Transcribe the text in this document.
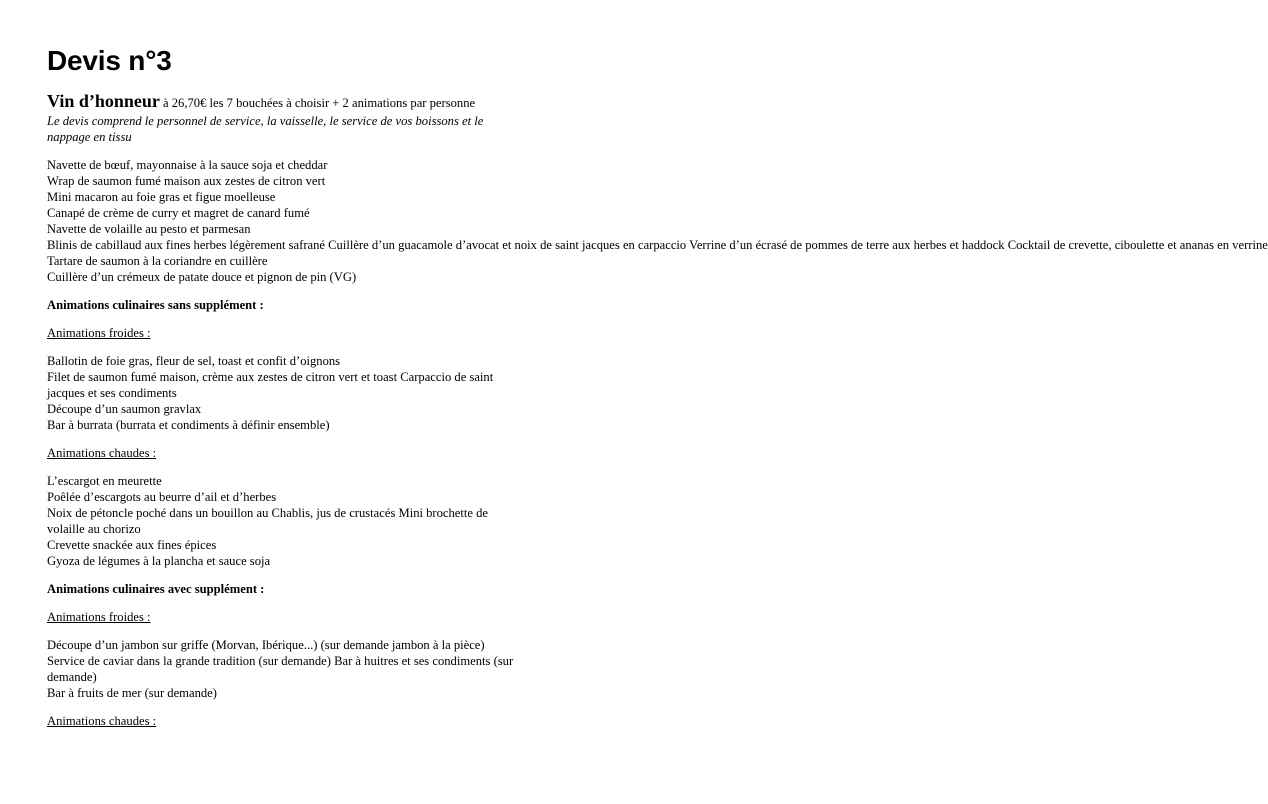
Devis n°3

Vin d’honneur à 26,70€ les 7 bouchées à choisir + 2 animations par personne

Le devis comprend le personnel de service, la vaisselle, le service de vos boissons et le nappage en tissu

Navette de bœuf, mayonnaise à la sauce soja et cheddar
Wrap de saumon fumé maison aux zestes de citron vert
Mini macaron au foie gras et figue moelleuse
Canapé de crème de curry et magret de canard fumé
Navette de volaille au pesto et parmesan
Blinis de cabillaud aux fines herbes légèrement safrané Cuillère d’un guacamole d’avocat et noix de saint jacques en carpaccio Verrine d’un écrasé de pommes de terre aux herbes et haddock Cocktail de crevette, ciboulette et ananas en verrine
Tartare de saumon à la coriandre en cuillère
Cuillère d’un crémeux de patate douce et pignon de pin (VG)
Animations culinaires sans supplément :
Animations froides :
Ballotin de foie gras, fleur de sel, toast et confit d’oignons
Filet de saumon fumé maison, crème aux zestes de citron vert et toast Carpaccio de saint jacques et ses condiments
Découpe d’un saumon gravlax
Bar à burrata (burrata et condiments à définir ensemble)
Animations chaudes :
L’escargot en meurette
Poêlée d’escargots au beurre d’ail et d’herbes
Noix de pétoncle poché dans un bouillon au Chablis, jus de crustacés Mini brochette de volaille au chorizo
Crevette snackée aux fines épices
Gyoza de légumes à la plancha et sauce soja
Animations culinaires avec supplément :
Animations froides :
Découpe d’un jambon sur griffe (Morvan, Ibérique...) (sur demande jambon à la pièce)
Service de caviar dans la grande tradition (sur demande) Bar à huitres et ses condiments (sur demande)
Bar à fruits de mer (sur demande)
Animations chaudes :
